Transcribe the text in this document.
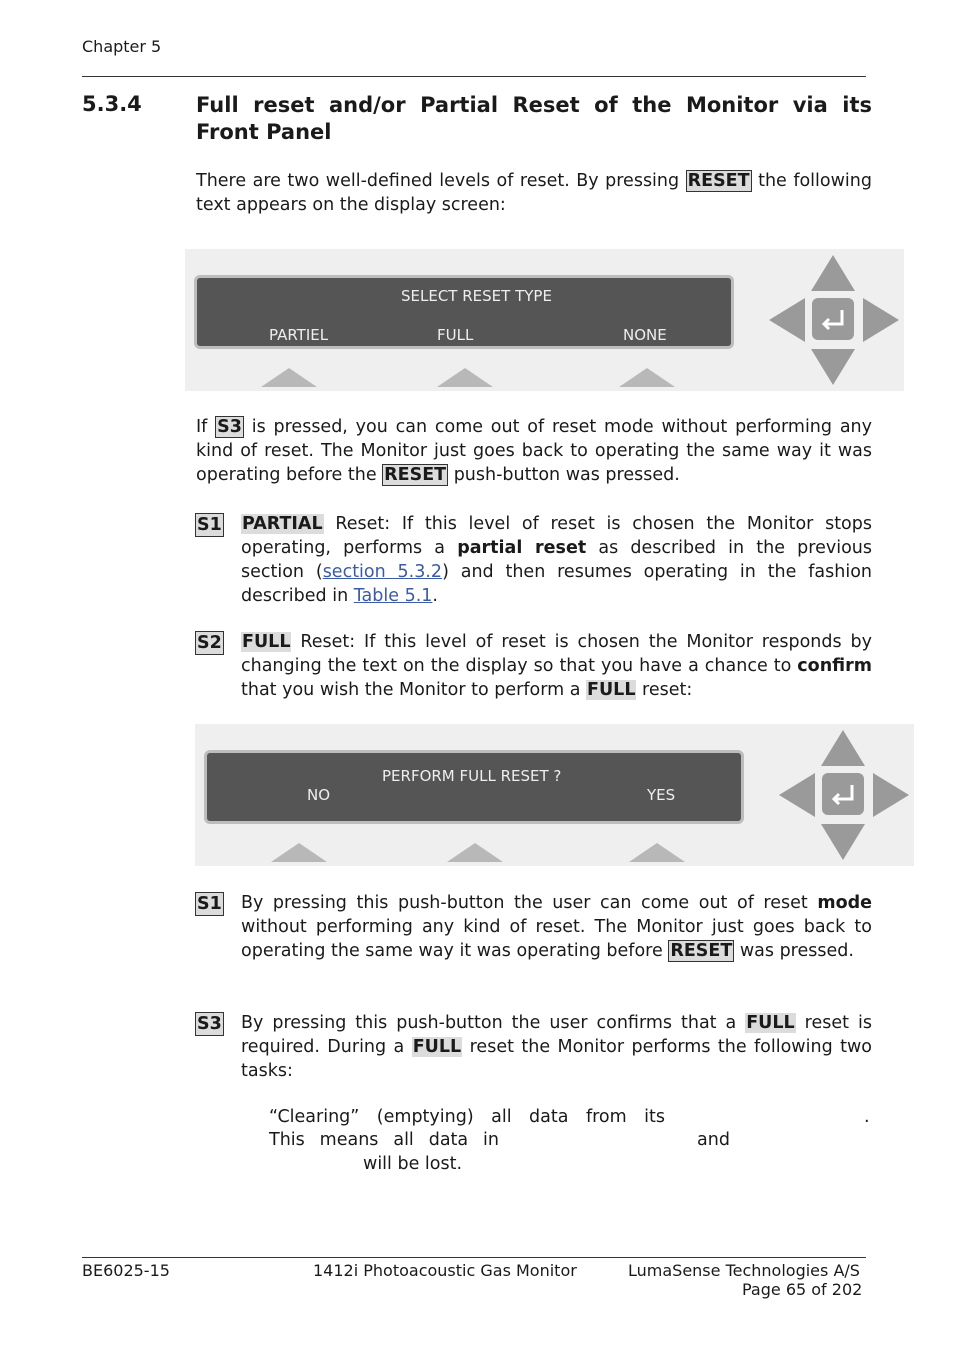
Chapter 5
5.3.4	Full reset and/or Partial Reset of the Monitor via its Front Panel
There are two well-defined levels of reset. By pressing RESET the following text appears on the display screen:
SELECT RESET TYPE
PARTIEL	FULL	NONE
If S3 is pressed, you can come out of reset mode without performing any kind of reset. The Monitor just goes back to operating the same way it was operating before the RESET push-button was pressed.
S1 PARTIAL Reset: If this level of reset is chosen the Monitor stops operating, performs a partial reset as described in the previous section (section 5.3.2) and then resumes operating in the fashion described in Table 5.1.
S2 FULL Reset: If this level of reset is chosen the Monitor responds by changing the text on the display so that you have a chance to confirm that you wish the Monitor to perform a FULL reset:
PERFORM FULL RESET ?
NO	YES
S1 By pressing this push-button the user can come out of reset mode without performing any kind of reset. The Monitor just goes back to operating the same way it was operating before RESET was pressed.
S3 By pressing this push-button the user confirms that a FULL reset is required. During a FULL reset the Monitor performs the following two tasks:
“Clearing” (emptying) all data from its	.
This means all data in	and
will be lost.
BE6025-15	1412i Photoacoustic Gas Monitor	LumaSense Technologies A/S
Page 65 of 202
